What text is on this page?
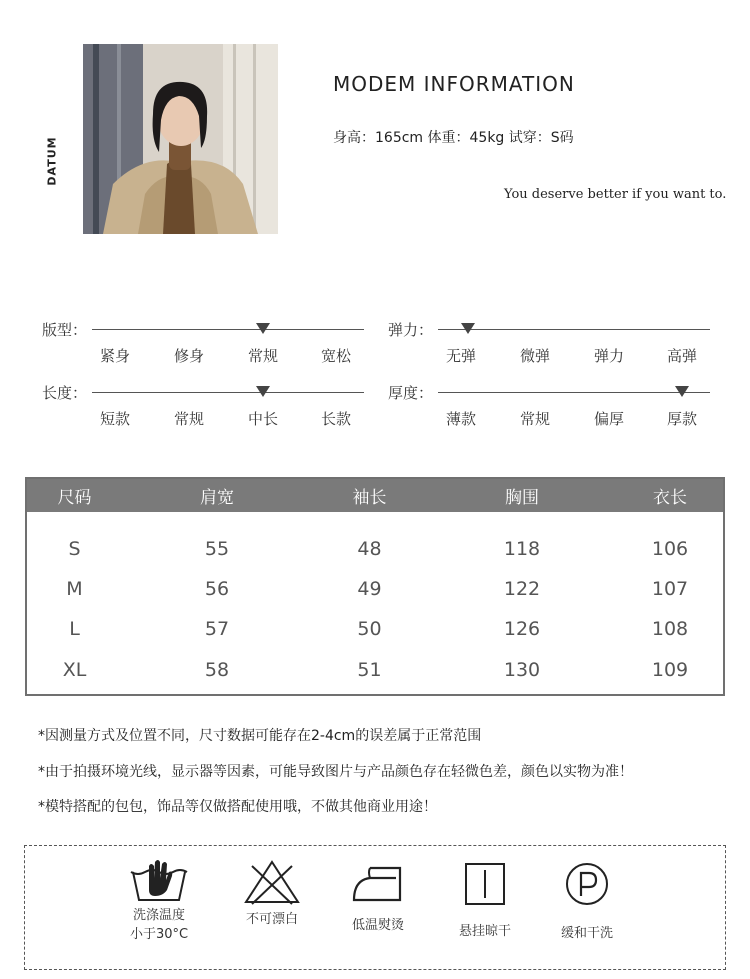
DATUM
MODEM INFORMATION
身高：165cm 体重：45kg 试穿：S码
You deserve better if you want to.
版型：
紧身	修身	常规	宽松
弹力：
无弹	微弹	弹力	高弹
长度：
短款	常规	中长	长款
厚度：
薄款	常规	偏厚	厚款
尺码	肩宽	袖长	胸围	衣长
S	55	48	118	106
M	56	49	122	107
L	57	50	126	108
XL	58	51	130	109
*因测量方式及位置不同，尺寸数据可能存在2-4cm的误差属于正常范围
*由于拍摄环境光线，显示器等因素，可能导致图片与产品颜色存在轻微色差，颜色以实物为准！
*模特搭配的包包，饰品等仅做搭配使用哦，不做其他商业用途！
洗涤温度
小于30°C
不可漂白	低温熨烫	悬挂晾干	缓和干洗
